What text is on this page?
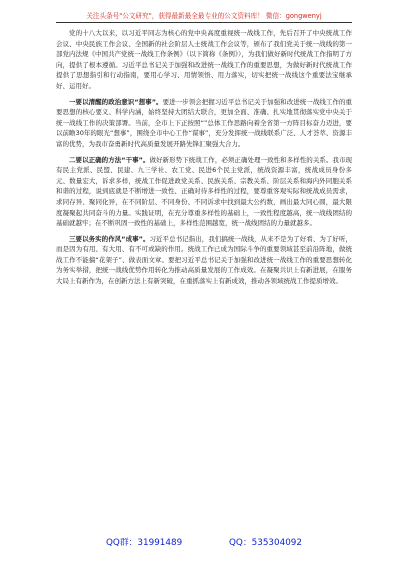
关注头条号"公文研究"，获得最新最全最专业的公文资料库！ 微信：gongwenyj

党的十八大以来，以习近平同志为核心的党中央高度重视统一战线工作，先后召开了中央统战工作会议、中央民族工作会议、全国新的社会阶层人士统战工作会议等，颁布了我们党关于统一战线的第一部党内法规《中国共产党统一战线工作条例》（以下简称《条例》），为我们做好新时代统战工作指明了方向，提供了根本遵循。习近平总书记关于加强和改进统一战线工作的重要思想，为做好新时代统战工作提供了思想指引和行动指南，要用心学习、用情领悟、用力落实，切实把统一战线这个重要法宝继承好、运用好。

一要以清醒的政治意识“想事”。要进一步领会把握习近平总书记关于加强和改进统一战线工作的重要思想的核心要义、科学内涵，始终坚持大团结大联合，更加全面、准确、扎实地贯彻落实党中央关于统一战线工作的决策部署。当前，全市上下正按照“”总体工作思路向着全省第一方阵目标奋力迈进，要以前瞻30年的眼光“想事”，围绕全市中心工作“谋事”，充分发挥统一战线联系广泛、人才荟萃、资源丰富的优势，为我市奋勇新时代高质量发展开路先锋汇聚强大合力。

二要以正确的方法“干事”。做好新形势下统战工作，必须正确处理一致性和多样性的关系。我市现有民主党派、民盟、民建、九三学社、农工党、民进6个民主党派，统战资源丰富，统战成员身份多元、数量宏大，诉求多样，统战工作促进政党关系、民族关系、宗教关系、阶层关系和海内外同胞关系和谐的过程，说到底就是不断增进一致性、正确对待多样性的过程，要尊重客观实际和统战成员需求，求同存异、聚同化异，在不同阶层、不同身份、不同诉求中找到最大公约数，画出最大同心圆，最大限度凝聚起共同奋斗的力量。实践证明，在充分尊重多样性的基础上，一致性程度越高，统一战线团结的基础就越牢；在不断巩固一致性的基础上，多样性范围越宽，统一战线团结的力量就越多。

三要以务实的作风“成事”。习近平总书记指出，我们搞统一战线，从来不是为了好看、为了好听，而是因为有用、有大用、有不可或缺的作用。统战工作已成为国际斗争的重要领域甚至前沿阵地，做统战工作不能搞“花架子”、做表面文章。要把习近平总书记关于加强和改进统一战线工作的重要思想转化为务实举措，把统一战线优势作用转化为推动高质量发展的工作成效。在凝聚共识上有新进展，在服务大局上有新作为，在创新方法上有新突破，在重抓落实上有新成效，推动各领域统战工作提质增效。

QQ群：31991489	QQ：535304092
